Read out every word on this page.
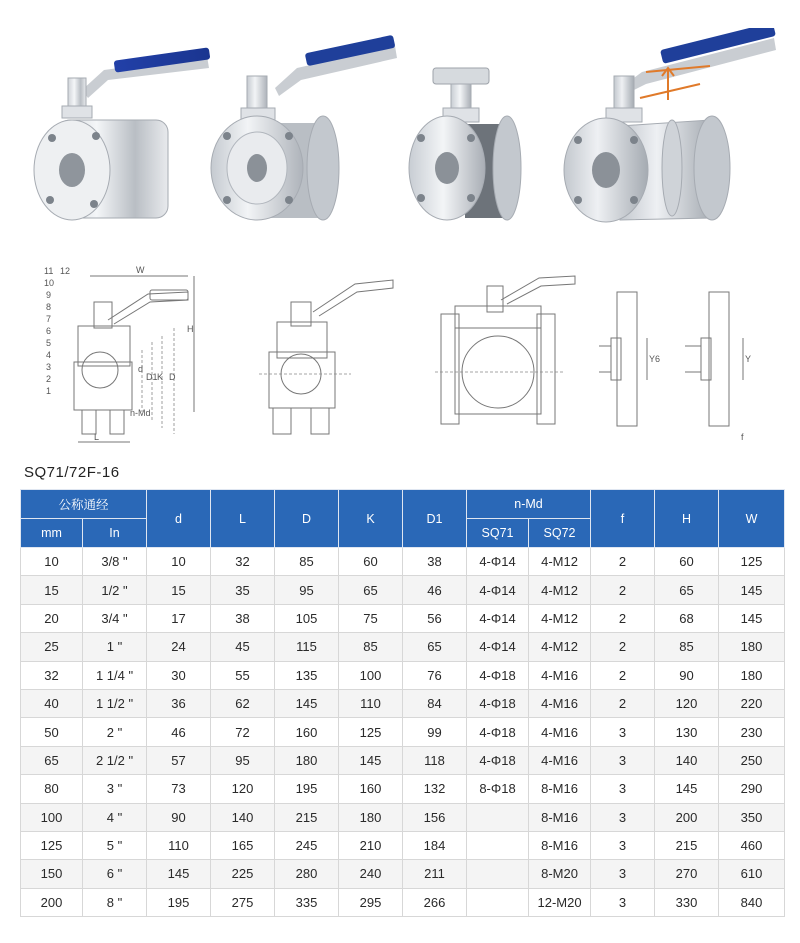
11 12
10
9
8
7
6
5
4
3
2
1
W
d
D1 K D
H
n-Md
L
Y6	Y
f
SQ71/72F-16
公称通经		d	L	D	K	D1	n-Md		f	H	W
mm	In						SQ71	SQ72			
10	3/8 "	10	32	85	60	38	4-Φ14	4-M12	2	60	125
15	1/2 "	15	35	95	65	46	4-Φ14	4-M12	2	65	145
20	3/4 "	17	38	105	75	56	4-Φ14	4-M12	2	68	145
25	1 "	24	45	115	85	65	4-Φ14	4-M12	2	85	180
32	1 1/4 "	30	55	135	100	76	4-Φ18	4-M16	2	90	180
40	1 1/2 "	36	62	145	110	84	4-Φ18	4-M16	2	120	220
50	2 "	46	72	160	125	99	4-Φ18	4-M16	3	130	230
65	2 1/2 "	57	95	180	145	118	4-Φ18	4-M16	3	140	250
80	3 "	73	120	195	160	132	8-Φ18	8-M16	3	145	290
100	4 "	90	140	215	180	156		8-M16	3	200	350
125	5 "	110	165	245	210	184		8-M16	3	215	460
150	6 "	145	225	280	240	211		8-M20	3	270	610
200	8 "	195	275	335	295	266		12-M20	3	330	840
